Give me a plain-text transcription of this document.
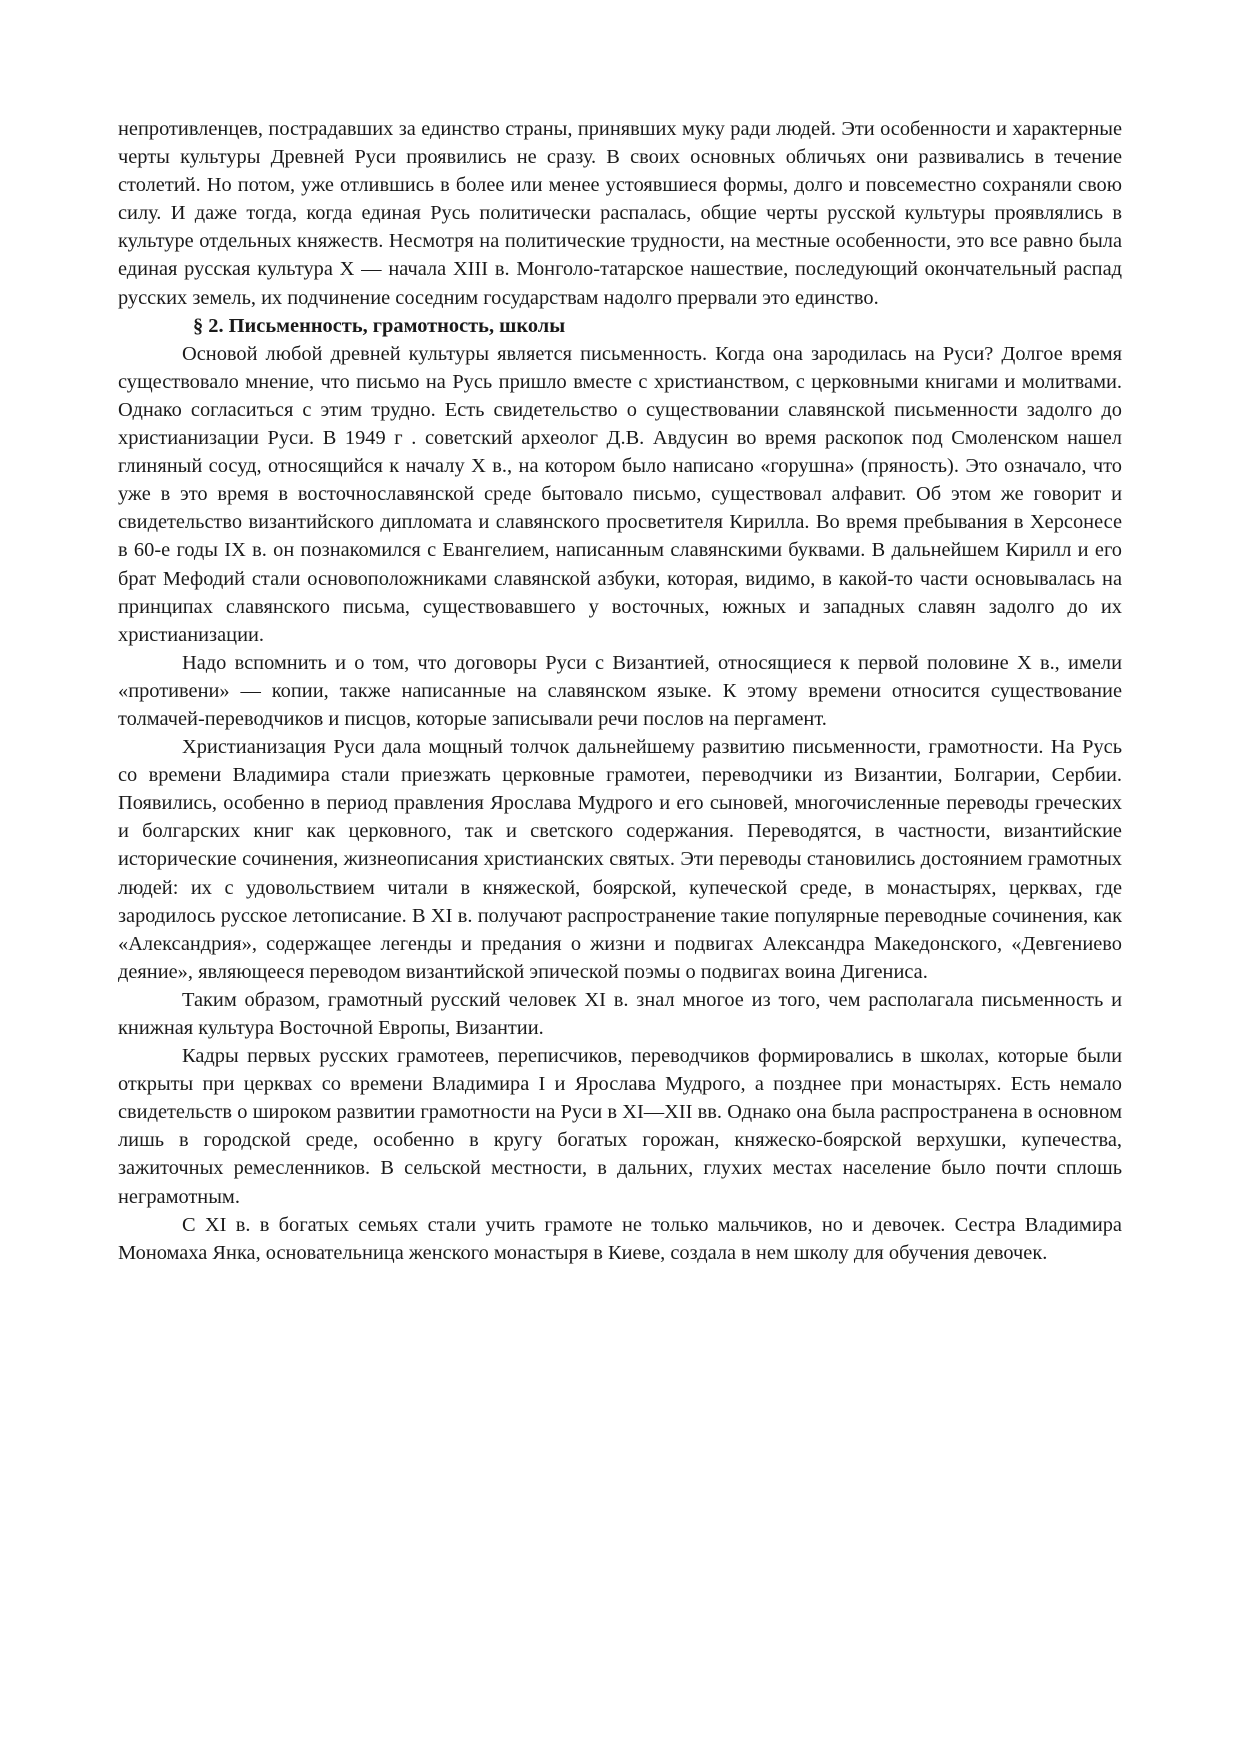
непротивленцев, пострадавших за единство страны, принявших муку ради людей. Эти особенности и характерные черты культуры Древней Руси проявились не сразу. В своих основных обличьях они развивались в течение столетий. Но потом, уже отлившись в более или менее устоявшиеся формы, долго и повсеместно сохраняли свою силу. И даже тогда, когда единая Русь политически распалась, общие черты русской культуры проявлялись в культуре отдельных княжеств. Несмотря на политические трудности, на местные особенности, это все равно была единая русская культура X — начала XIII в. Монголо-татарское нашествие, последующий окончательный распад русских земель, их подчинение соседним государствам надолго прервали это единство.

§ 2. Письменность, грамотность, школы

Основой любой древней культуры является письменность. Когда она зародилась на Руси? Долгое время существовало мнение, что письмо на Русь пришло вместе с христианством, с церковными книгами и молитвами. Однако согласиться с этим трудно. Есть свидетельство о существовании славянской письменности задолго до христианизации Руси. В 1949 г . советский археолог Д.В. Авдусин во время раскопок под Смоленском нашел глиняный сосуд, относящийся к началу X в., на котором было написано «горушна» (пряность). Это означало, что уже в это время в восточнославянской среде бытовало письмо, существовал алфавит. Об этом же говорит и свидетельство византийского дипломата и славянского просветителя Кирилла. Во время пребывания в Херсонесе в 60-е годы IX в. он познакомился с Евангелием, написанным славянскими буквами. В дальнейшем Кирилл и его брат Мефодий стали основоположниками славянской азбуки, которая, видимо, в какой-то части основывалась на принципах славянского письма, существовавшего у восточных, южных и западных славян задолго до их христианизации.

Надо вспомнить и о том, что договоры Руси с Византией, относящиеся к первой половине X в., имели «противени» — копии, также написанные на славянском языке. К этому времени относится существование толмачей-переводчиков и писцов, которые записывали речи послов на пергамент.

Христианизация Руси дала мощный толчок дальнейшему развитию письменности, грамотности. На Русь со времени Владимира стали приезжать церковные грамотеи, переводчики из Византии, Болгарии, Сербии. Появились, особенно в период правления Ярослава Мудрого и его сыновей, многочисленные переводы греческих и болгарских книг как церковного, так и светского содержания. Переводятся, в частности, византийские исторические сочинения, жизнеописания христианских святых. Эти переводы становились достоянием грамотных людей: их с удовольствием читали в княжеской, боярской, купеческой среде, в монастырях, церквах, где зародилось русское летописание. В XI в. получают распространение такие популярные переводные сочинения, как «Александрия», содержащее легенды и предания о жизни и подвигах Александра Македонского, «Девгениево деяние», являющееся переводом византийской эпической поэмы о подвигах воина Дигениса.

Таким образом, грамотный русский человек XI в. знал многое из того, чем располагала письменность и книжная культура Восточной Европы, Византии.

Кадры первых русских грамотеев, переписчиков, переводчиков формировались в школах, которые были открыты при церквах со времени Владимира I и Ярослава Мудрого, а позднее при монастырях. Есть немало свидетельств о широком развитии грамотности на Руси в XI—XII вв. Однако она была распространена в основном лишь в городской среде, особенно в кругу богатых горожан, княжеско-боярской верхушки, купечества, зажиточных ремесленников. В сельской местности, в дальних, глухих местах население было почти сплошь неграмотным.

С XI в. в богатых семьях стали учить грамоте не только мальчиков, но и девочек. Сестра Владимира Мономаха Янка, основательница женского монастыря в Киеве, создала в нем школу для обучения девочек.
